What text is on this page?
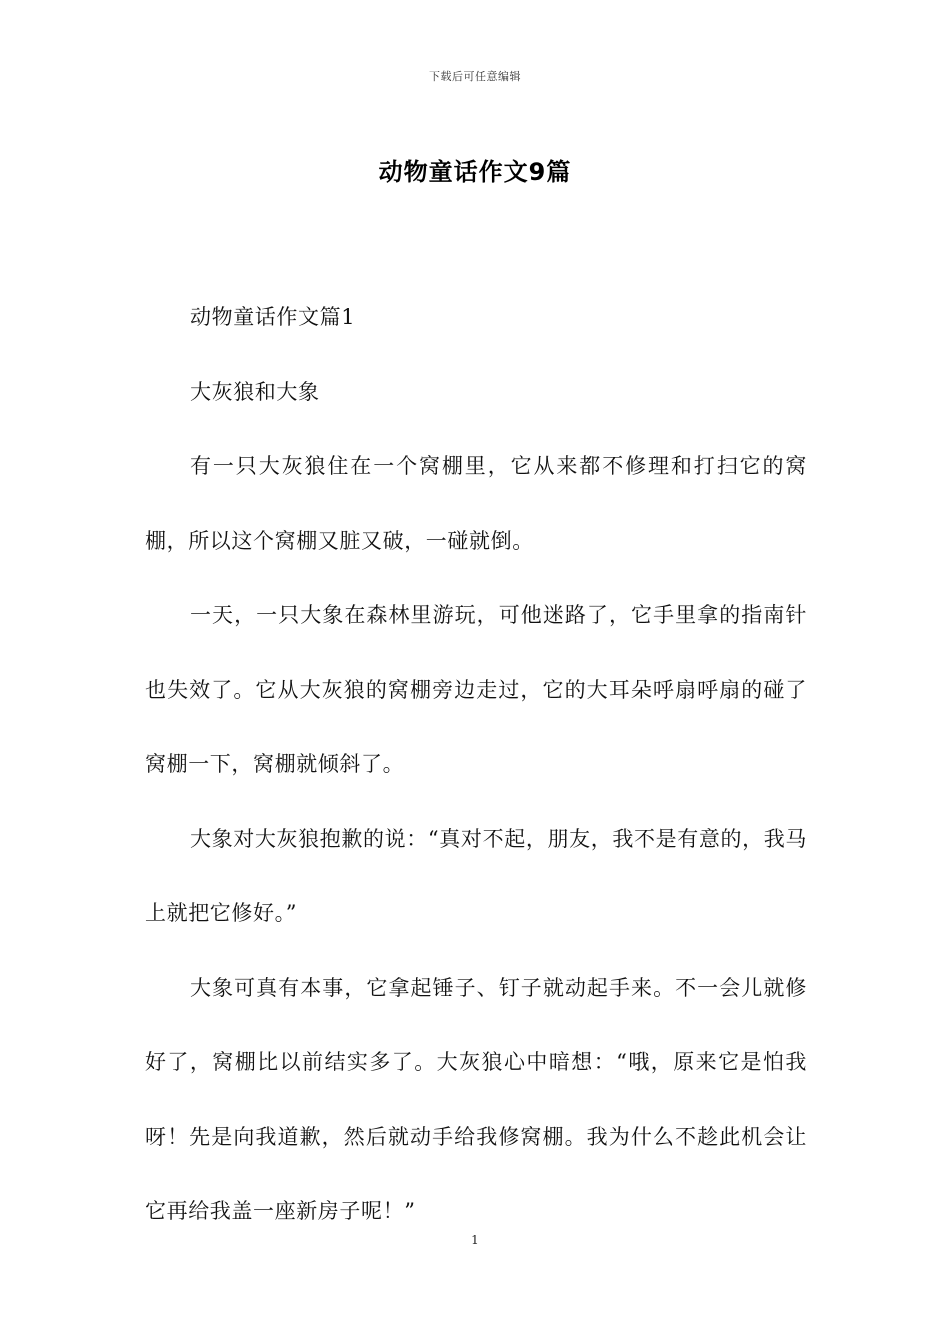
下载后可任意编辑
动物童话作文9篇

动物童话作文篇1

大灰狼和大象

有一只大灰狼住在一个窝棚里，它从来都不修理和打扫它的窝棚，所以这个窝棚又脏又破，一碰就倒。

一天，一只大象在森林里游玩，可他迷路了，它手里拿的指南针也失效了。它从大灰狼的窝棚旁边走过，它的大耳朵呼扇呼扇的碰了窝棚一下，窝棚就倾斜了。

大象对大灰狼抱歉的说：“真对不起，朋友，我不是有意的，我马上就把它修好。”

大象可真有本事，它拿起锤子、钉子就动起手来。不一会儿就修好了，窝棚比以前结实多了。大灰狼心中暗想：“哦，原来它是怕我呀！先是向我道歉，然后就动手给我修窝棚。我为什么不趁此机会让它再给我盖一座新房子呢！”

1
